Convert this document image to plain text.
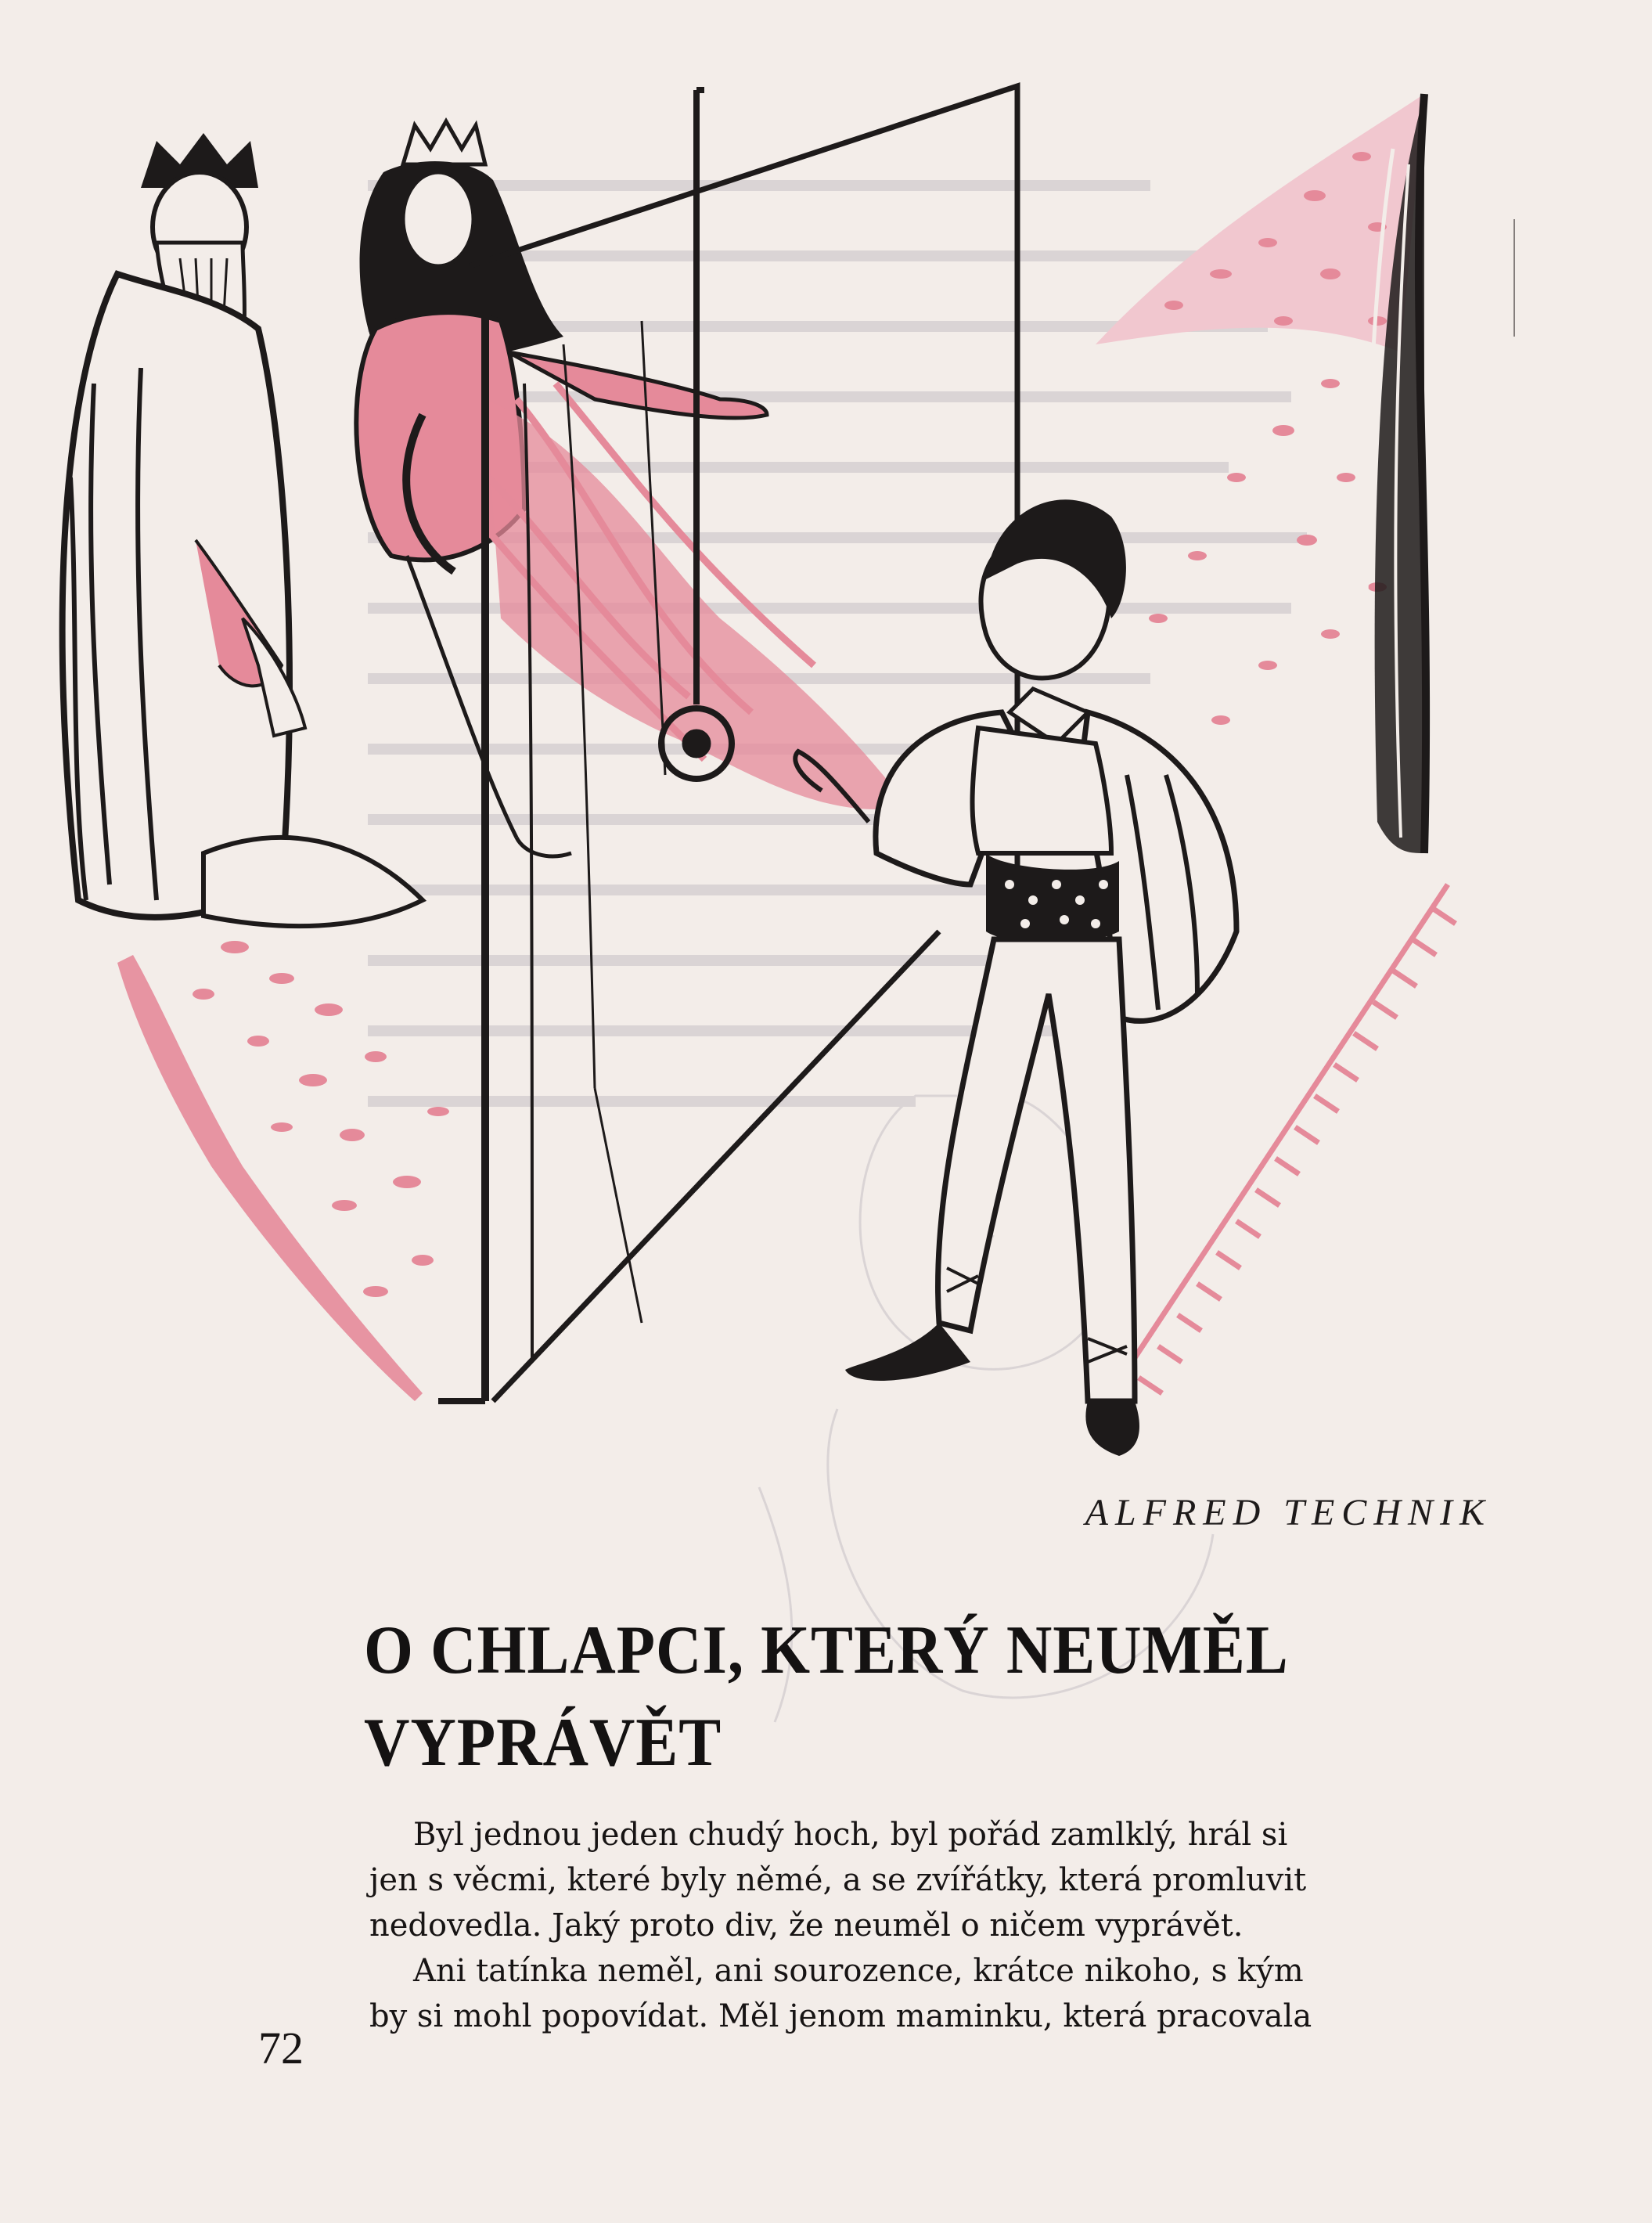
ALFRED TECHNIK
O CHLAPCI, KTERÝ NEUMĚL
VYPRÁVĚT
Byl jednou jeden chudý hoch, byl pořád zamlklý, hrál si
jen s věcmi, které byly němé, a se zvířátky, která promluvit
nedovedla. Jaký proto div, že neuměl o ničem vyprávět.
Ani tatínka neměl, ani sourozence, krátce nikoho, s kým
by si mohl popovídat. Měl jenom maminku, která pracovala
72
